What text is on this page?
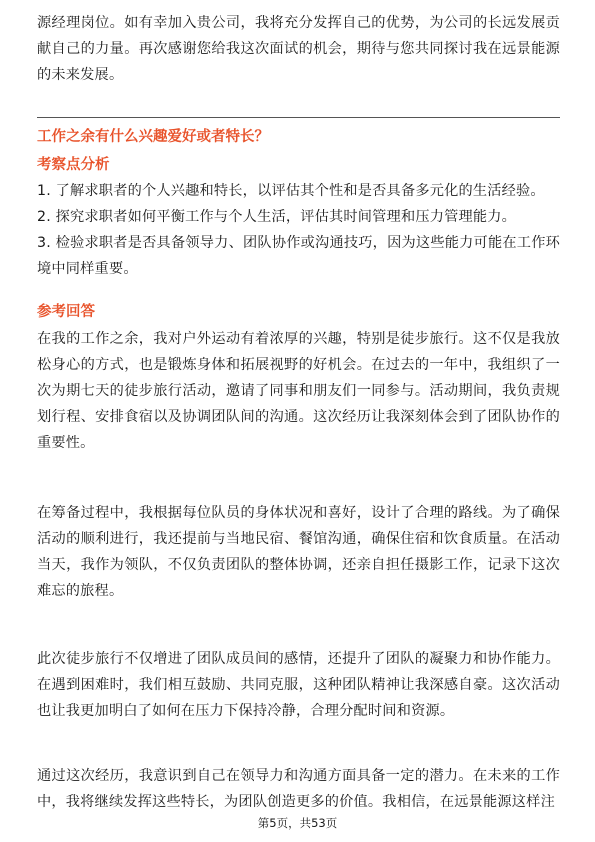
源经理岗位。如有幸加入贵公司，我将充分发挥自己的优势，为公司的长远发展贡献自己的力量。再次感谢您给我这次面试的机会，期待与您共同探讨我在远景能源的未来发展。
工作之余有什么兴趣爱好或者特长？
考察点分析
1. 了解求职者的个人兴趣和特长，以评估其个性和是否具备多元化的生活经验。
2. 探究求职者如何平衡工作与个人生活，评估其时间管理和压力管理能力。
3. 检验求职者是否具备领导力、团队协作或沟通技巧，因为这些能力可能在工作环境中同样重要。
参考回答
在我的工作之余，我对户外运动有着浓厚的兴趣，特别是徒步旅行。这不仅是我放松身心的方式，也是锻炼身体和拓展视野的好机会。在过去的一年中，我组织了一次为期七天的徒步旅行活动，邀请了同事和朋友们一同参与。活动期间，我负责规划行程、安排食宿以及协调团队间的沟通。这次经历让我深刻体会到了团队协作的重要性。
在筹备过程中，我根据每位队员的身体状况和喜好，设计了合理的路线。为了确保活动的顺利进行，我还提前与当地民宿、餐馆沟通，确保住宿和饮食质量。在活动当天，我作为领队，不仅负责团队的整体协调，还亲自担任摄影工作，记录下这次难忘的旅程。
此次徒步旅行不仅增进了团队成员间的感情，还提升了团队的凝聚力和协作能力。在遇到困难时，我们相互鼓励、共同克服，这种团队精神让我深感自豪。这次活动也让我更加明白了如何在压力下保持冷静，合理分配时间和资源。
通过这次经历，我意识到自己在领导力和沟通方面具备一定的潜力。在未来的工作中，我将继续发挥这些特长，为团队创造更多的价值。我相信，在远景能源这样注
第5页，共53页
